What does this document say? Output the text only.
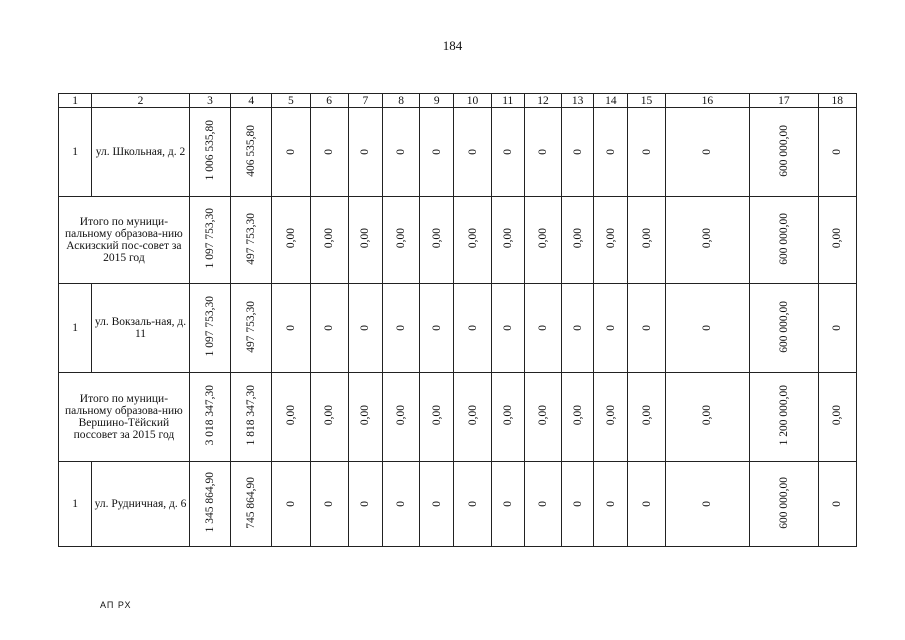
184
1	2	3	4	5	6	7	8	9	10	11	12	13	14	15	16	17	18
1	ул. Школьная, д. 2	1 006 535,80	406 535,80	0	0	0	0	0	0	0	0	0	0	0	0	600 000,00	0
Итого по муници-пальному образова-нию Аскизский пос-совет за 2015 год		1 097 753,30	497 753,30	0,00	0,00	0,00	0,00	0,00	0,00	0,00	0,00	0,00	0,00	0,00	0,00	600 000,00	0,00
1	ул. Вокзаль-ная, д. 11	1 097 753,30	497 753,30	0	0	0	0	0	0	0	0	0	0	0	0	600 000,00	0
Итого по муници-пальному образова-нию Вершино-Тёйский поссовет за 2015 год		3 018 347,30	1 818 347,30	0,00	0,00	0,00	0,00	0,00	0,00	0,00	0,00	0,00	0,00	0,00	0,00	1 200 000,00	0,00
1	ул. Рудничная, д. 6	1 345 864,90	745 864,90	0	0	0	0	0	0	0	0	0	0	0	0	600 000,00	0
АП РХ
